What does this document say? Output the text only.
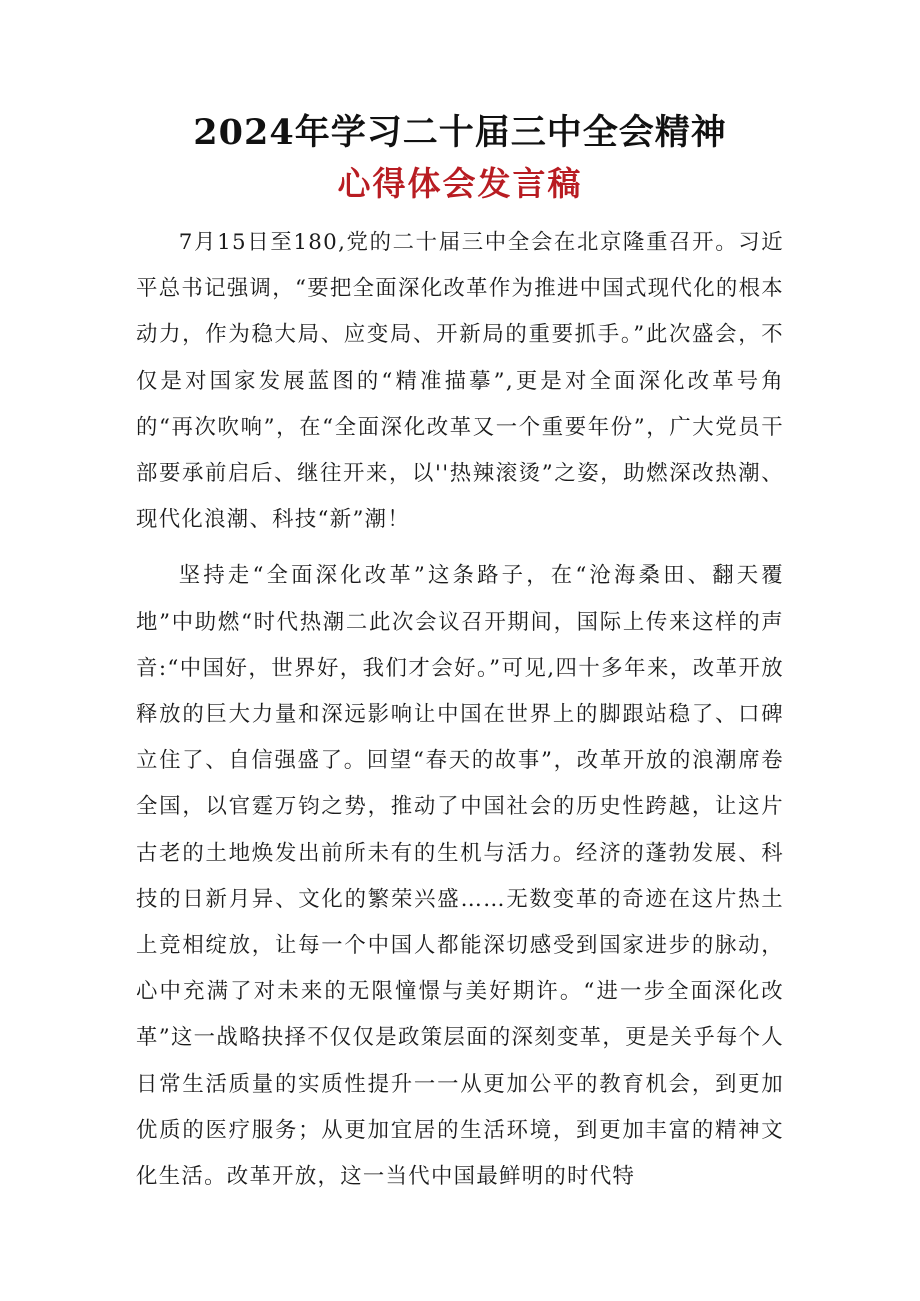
2024年学习二十届三中全会精神
心得体会发言稿

7月15日至180,党的二十届三中全会在北京隆重召开。习近平总书记强调，“要把全面深化改革作为推进中国式现代化的根本动力，作为稳大局、应变局、开新局的重要抓手。”此次盛会，不仅是对国家发展蓝图的“精准描摹”,更是对全面深化改革号角的“再次吹响”，在“全面深化改革又一个重要年份”，广大党员干部要承前启后、继往开来，以''热辣滚烫”之姿，助燃深改热潮、现代化浪潮、科技“新”潮！

坚持走“全面深化改革”这条路子，在“沧海桑田、翻天覆地”中助燃“时代热潮二此次会议召开期间，国际上传来这样的声音:“中国好，世界好，我们才会好。”可见,四十多年来，改革开放释放的巨大力量和深远影响让中国在世界上的脚跟站稳了、口碑立住了、自信强盛了。回望“春天的故事”，改革开放的浪潮席卷全国，以官霆万钧之势，推动了中国社会的历史性跨越，让这片古老的土地焕发出前所未有的生机与活力。经济的蓬勃发展、科技的日新月异、文化的繁荣兴盛……无数变革的奇迹在这片热土上竞相绽放，让每一个中国人都能深切感受到国家进步的脉动，心中充满了对未来的无限憧憬与美好期许。“进一步全面深化改革”这一战略抉择不仅仅是政策层面的深刻变革，更是关乎每个人日常生活质量的实质性提升一一从更加公平的教育机会，到更加优质的医疗服务；从更加宜居的生活环境，到更加丰富的精神文化生活。改革开放，这一当代中国最鲜明的时代特
